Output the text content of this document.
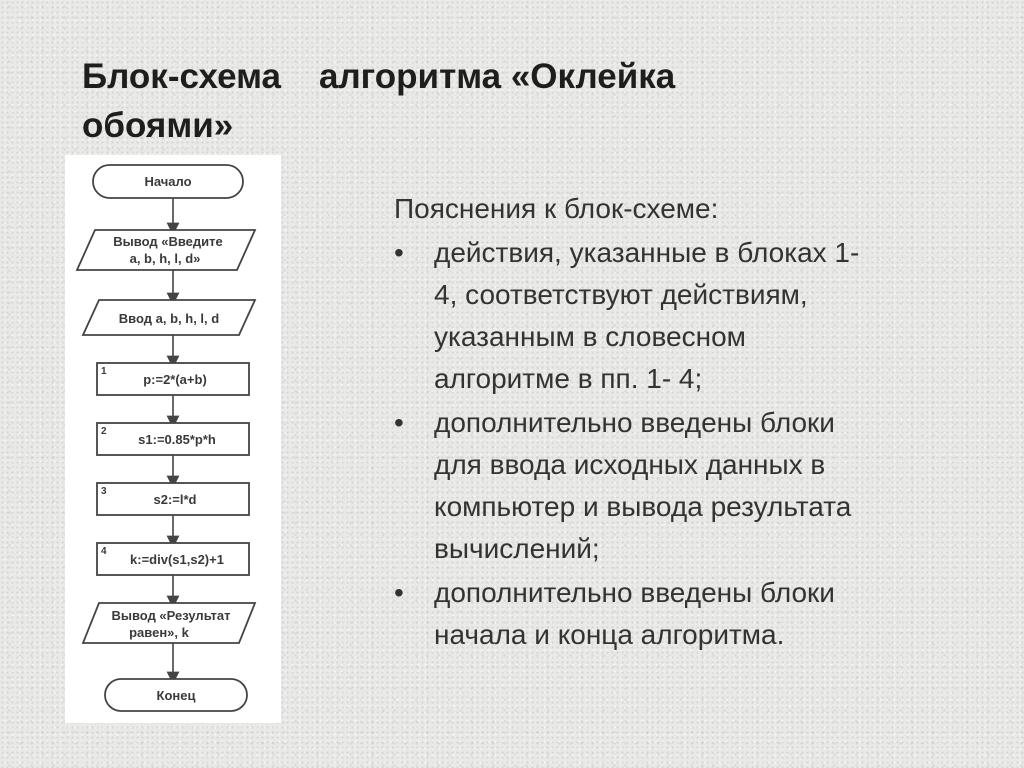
Блок-схема алгоритма «Оклейка
обоями»
Начало
Вывод «Введите
a, b, h, l, d»
Ввод a, b, h, l, d
1
p:=2*(a+b)
2
s1:=0.85*p*h
3
s2:=l*d
4
k:=div(s1,s2)+1
Вывод «Результат
равен», k
Конец

Пояснения к блок-схеме:

• действия, указанные в блоках 1-
4, соответствуют действиям,
указанным в словесном
алгоритме в пп. 1- 4;
• дополнительно введены блоки
для ввода исходных данных в
компьютер и вывода результата
вычислений;
• дополнительно введены блоки
начала и конца алгоритма.
